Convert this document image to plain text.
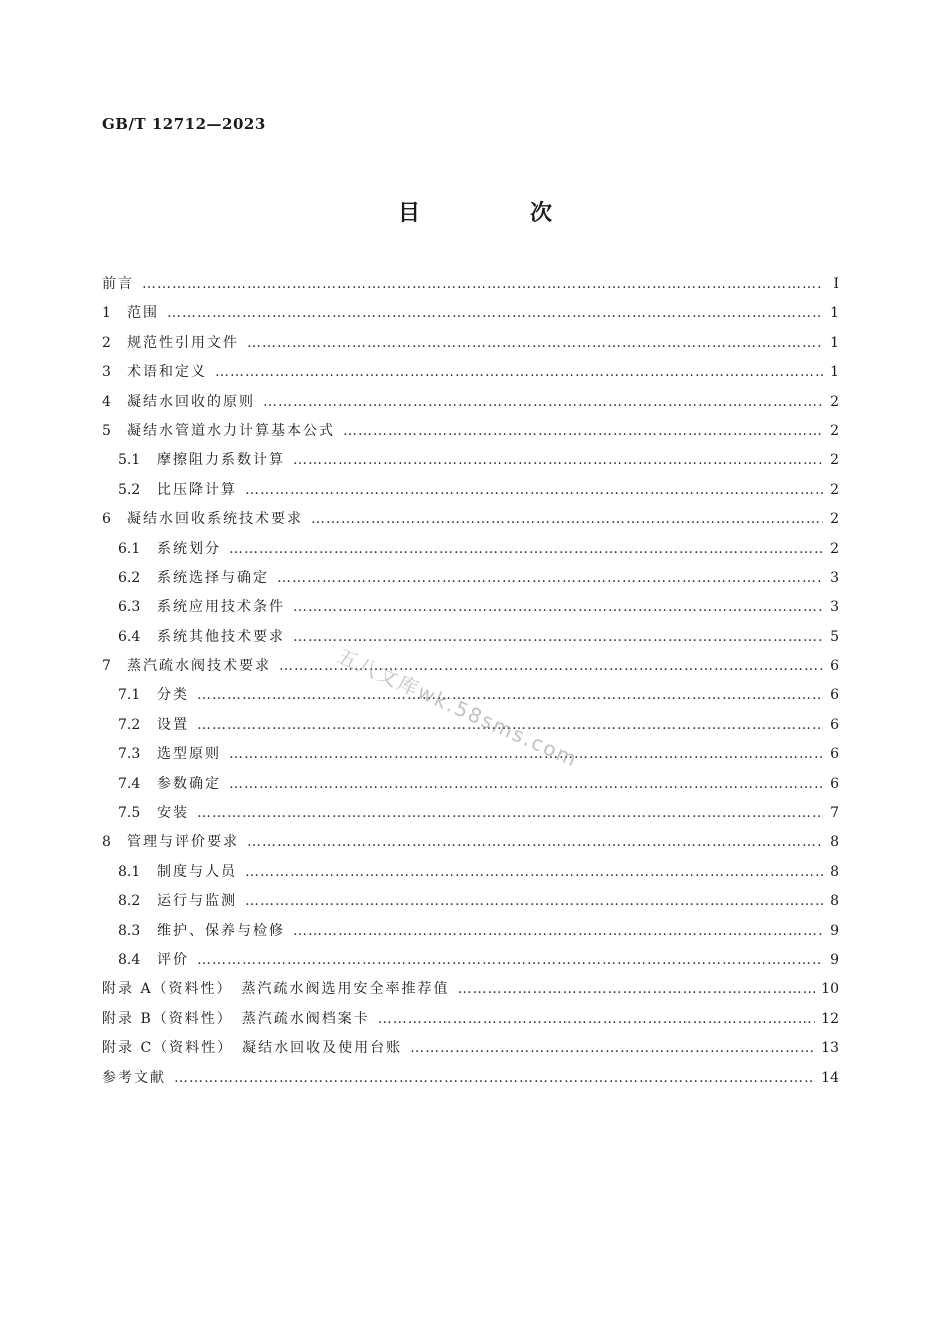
GB/T 12712—2023
目　次
前言 ……………………………………………………………………………………………………………………………………………………………………………………………………	Ⅰ
1	范围 ……………………………………………………………………………………………………………………………………………………………………………………………………	1
2	规范性引用文件 ……………………………………………………………………………………………………………………………………………………………………………………………………	1
3	术语和定义 ……………………………………………………………………………………………………………………………………………………………………………………………………	1
4	凝结水回收的原则 ……………………………………………………………………………………………………………………………………………………………………………………………………	2
5	凝结水管道水力计算基本公式 ……………………………………………………………………………………………………………………………………………………………………………………………………	2
5.1	摩擦阻力系数计算 ……………………………………………………………………………………………………………………………………………………………………………………………………	2
5.2	比压降计算 ……………………………………………………………………………………………………………………………………………………………………………………………………	2
6	凝结水回收系统技术要求 ……………………………………………………………………………………………………………………………………………………………………………………………………	2
6.1	系统划分 ……………………………………………………………………………………………………………………………………………………………………………………………………	2
6.2	系统选择与确定 ……………………………………………………………………………………………………………………………………………………………………………………………………	3
6.3	系统应用技术条件 ……………………………………………………………………………………………………………………………………………………………………………………………………	3
6.4	系统其他技术要求 ……………………………………………………………………………………………………………………………………………………………………………………………………	5
7	蒸汽疏水阀技术要求 ……………………………………………………………………………………………………………………………………………………………………………………………………	6
7.1	分类 ……………………………………………………………………………………………………………………………………………………………………………………………………	6
7.2	设置 ……………………………………………………………………………………………………………………………………………………………………………………………………	6
7.3	选型原则 ……………………………………………………………………………………………………………………………………………………………………………………………………	6
7.4	参数确定 ……………………………………………………………………………………………………………………………………………………………………………………………………	6
7.5	安装 ……………………………………………………………………………………………………………………………………………………………………………………………………	7
8	管理与评价要求 ……………………………………………………………………………………………………………………………………………………………………………………………………	8
8.1	制度与人员 ……………………………………………………………………………………………………………………………………………………………………………………………………	8
8.2	运行与监测 ……………………………………………………………………………………………………………………………………………………………………………………………………	8
8.3	维护、保养与检修 ……………………………………………………………………………………………………………………………………………………………………………………………………	9
8.4	评价 ……………………………………………………………………………………………………………………………………………………………………………………………………	9
附录 A（资料性）　蒸汽疏水阀选用安全率推荐值 ……………………………………………………………………………………………………………………………………………………………………………………………………	10
附录 B（资料性）　蒸汽疏水阀档案卡 ……………………………………………………………………………………………………………………………………………………………………………………………………	12
附录 C（资料性）　凝结水回收及使用台账 ……………………………………………………………………………………………………………………………………………………………………………………………………	13
参考文献 ……………………………………………………………………………………………………………………………………………………………………………………………………	14
五八文库wk.58sms.com
